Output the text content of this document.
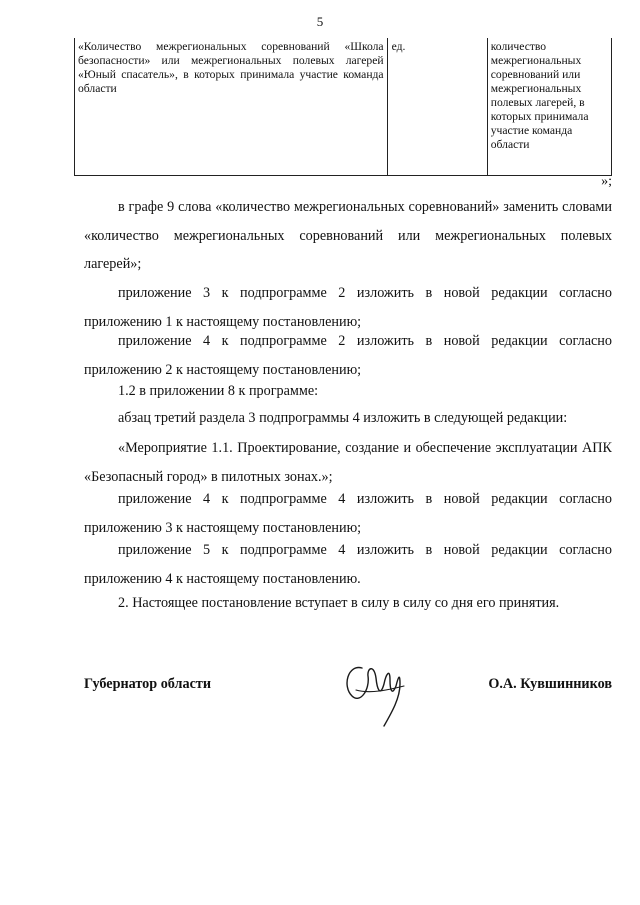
5
«Количество межрегиональных соревнований «Школа безопасности» или межрегиональных полевых лагерей «Юный спасатель», в которых принимала участие команда области	ед.	количество межрегиональных соревнований или межрегиональных полевых лагерей, в которых принимала участие команда области
»;

в графе 9 слова «количество межрегиональных соревнований» заменить словами «количество межрегиональных соревнований или межрегиональных полевых лагерей»;

приложение 3 к подпрограмме 2 изложить в новой редакции согласно приложению 1 к настоящему постановлению;

приложение 4 к подпрограмме 2 изложить в новой редакции согласно приложению 2 к настоящему постановлению;

1.2 в приложении 8 к программе:

абзац третий раздела 3 подпрограммы 4 изложить в следующей редакции:

«Мероприятие 1.1. Проектирование, создание и обеспечение эксплуатации АПК «Безопасный город» в пилотных зонах.»;

приложение 4 к подпрограмме 4 изложить в новой редакции согласно приложению 3 к настоящему постановлению;

приложение 5 к подпрограмме 4 изложить в новой редакции согласно приложению 4 к настоящему постановлению.

2. Настоящее постановление вступает в силу в силу со дня его принятия.

Губернатор области	О.А. Кувшинников
